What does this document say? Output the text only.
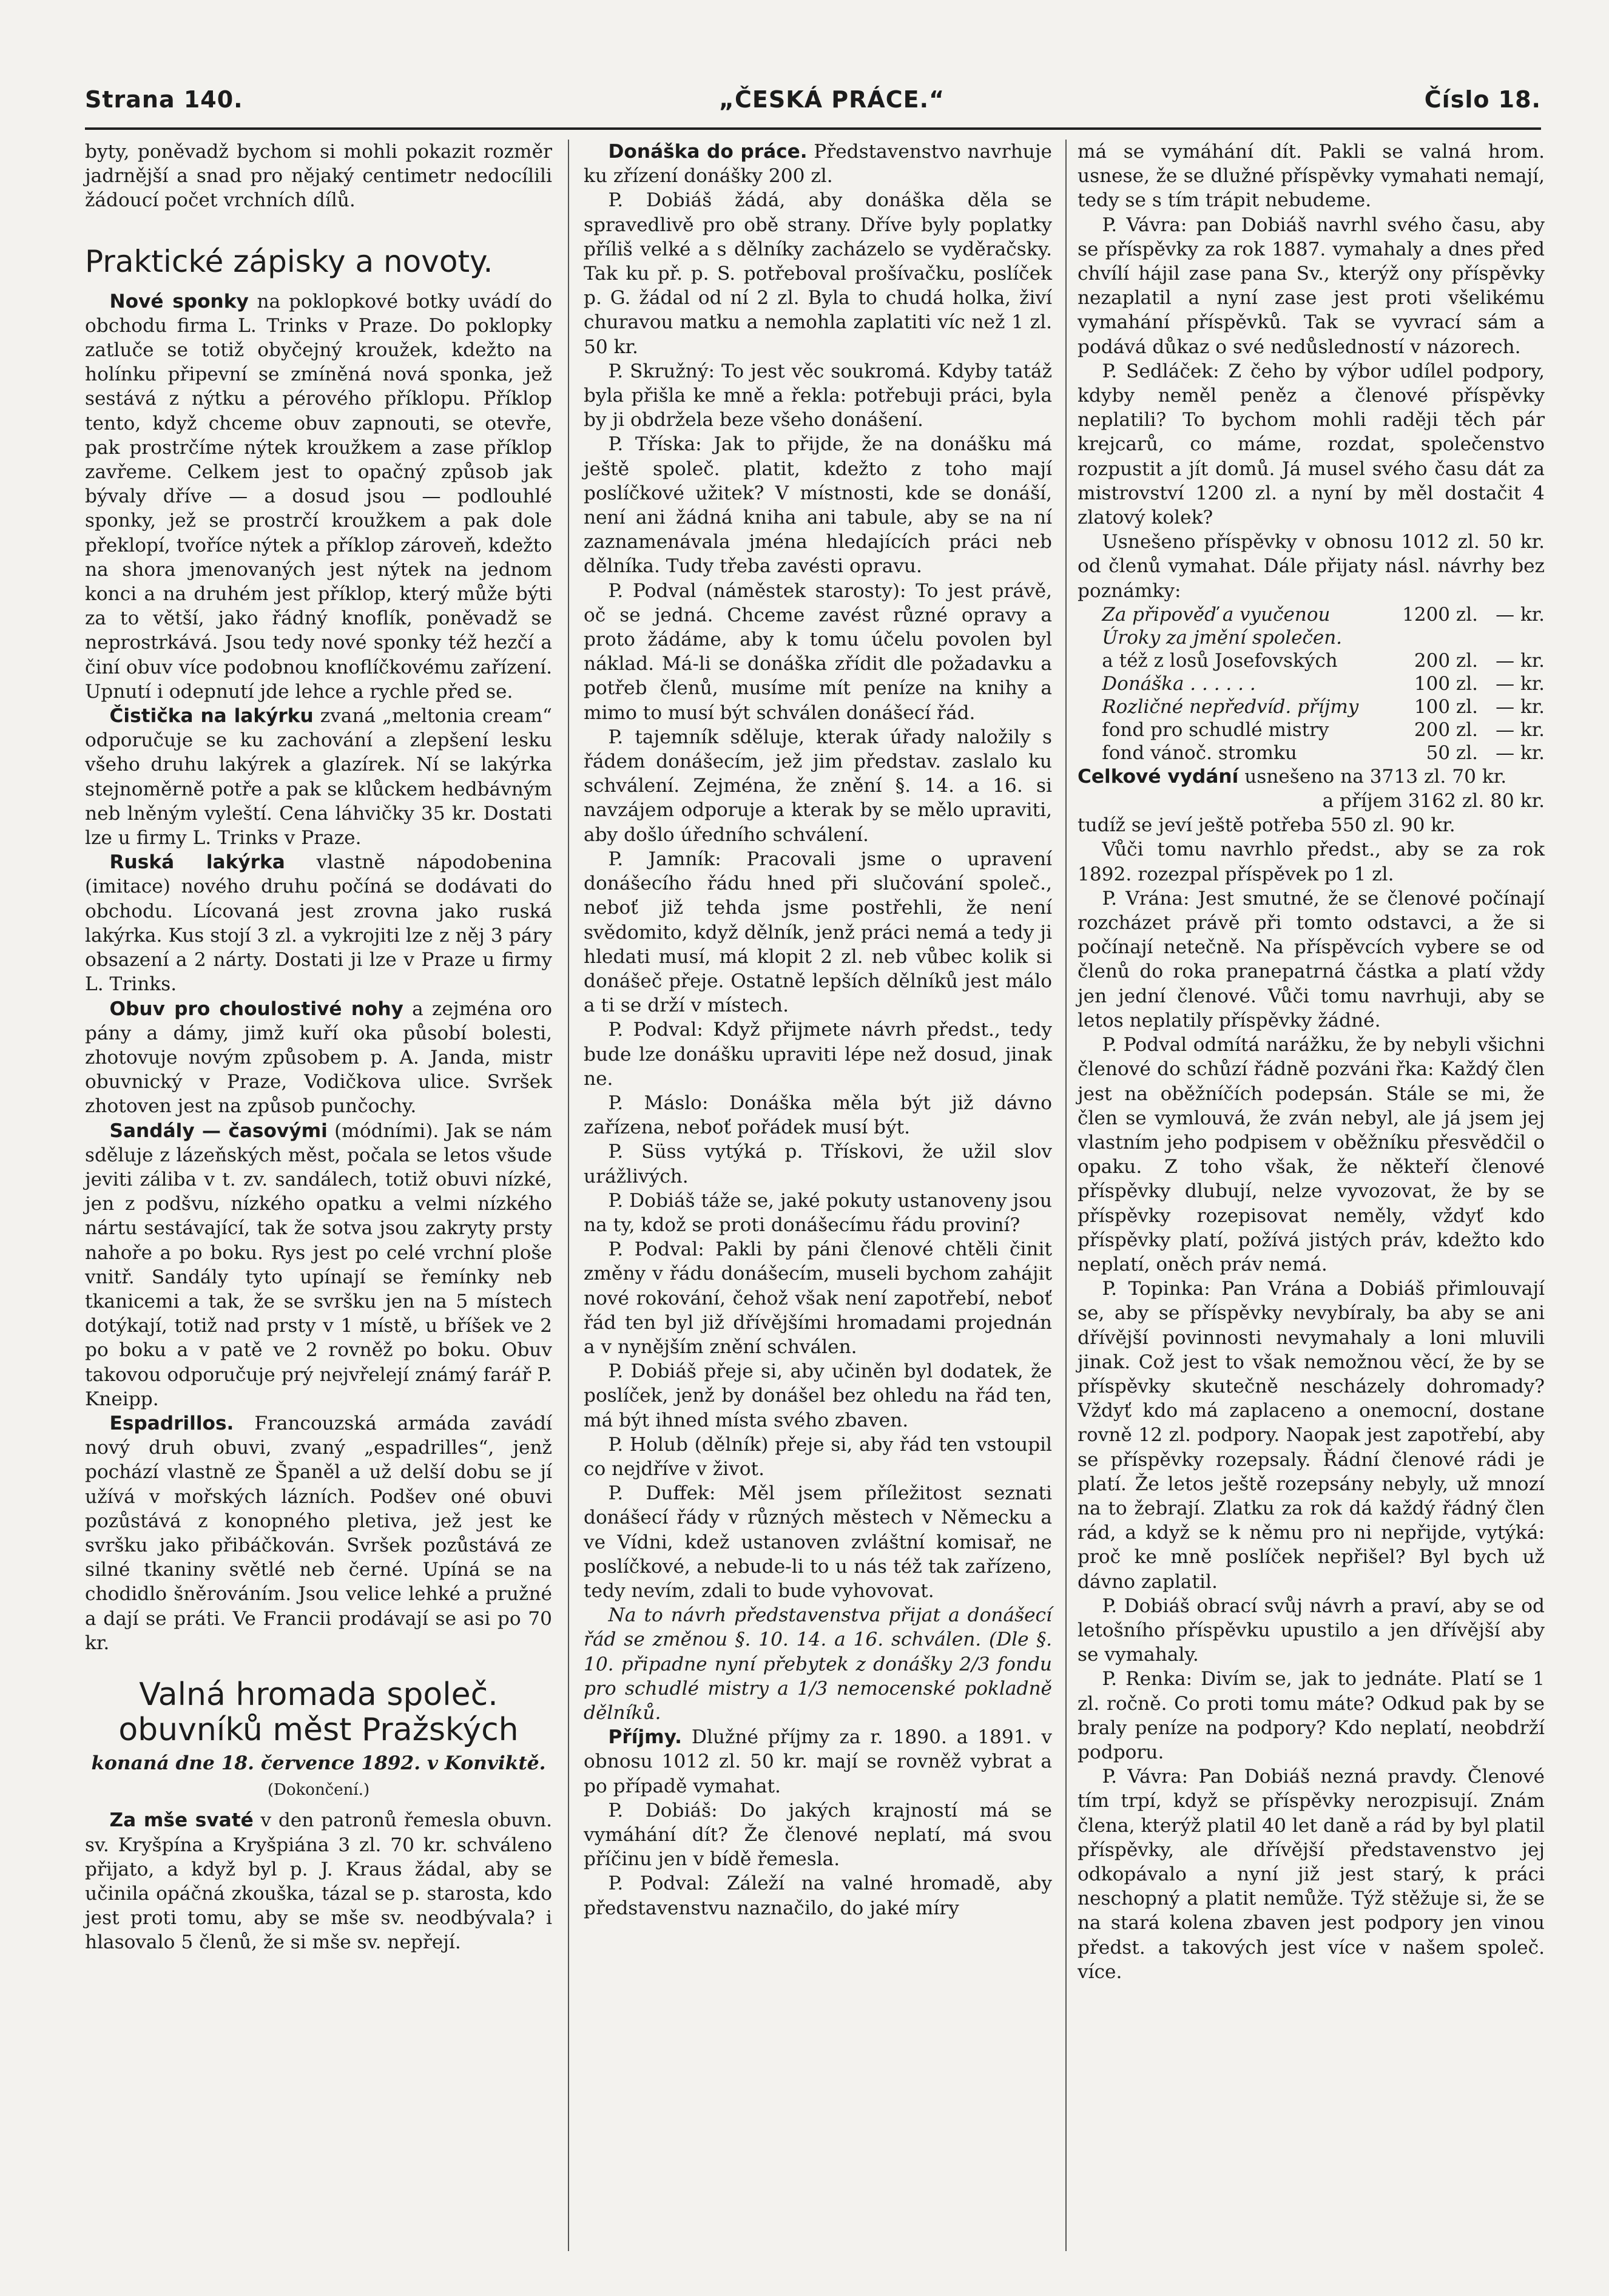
Strana 140.	„ČESKÁ PRÁCE.“	Číslo 18.

byty, poněvadž bychom si mohli pokazit rozměr jadrnější a snad pro nějaký centimetr nedocílili žádoucí počet vrchních dílů.

Praktické zápisky a novoty.

Nové sponky na poklopkové botky uvádí do obchodu firma L. Trinks v Praze. Do poklopky zatluče se totiž obyčejný kroužek, kdežto na holínku připevní se zmíněná nová sponka, jež sestává z nýtku a pérového příklopu. Příklop tento, když chceme obuv zapnouti, se otevře, pak prostrčíme nýtek kroužkem a zase příklop zavřeme. Celkem jest to opačný způsob jak bývaly dříve — a dosud jsou — podlouhlé sponky, jež se prostrčí kroužkem a pak dole překlopí, tvoříce nýtek a příklop zároveň, kdežto na shora jmenovaných jest nýtek na jednom konci a na druhém jest příklop, který může býti za to větší, jako řádný knoflík, poněvadž se neprostrkává. Jsou tedy nové sponky též hezčí a činí obuv více podobnou knoflíčkovému zařízení. Upnutí i odepnutí jde lehce a rychle před se.

Čistička na lakýrku zvaná „meltonia cream“ odporučuje se ku zachování a zlepšení lesku všeho druhu lakýrek a glazírek. Ní se lakýrka stejnoměrně potře a pak se klůckem hedbávným neb lněným vyleští. Cena láhvičky 35 kr. Dostati lze u firmy L. Trinks v Praze.

Ruská lakýrka vlastně nápodobenina (imitace) nového druhu počíná se dodávati do obchodu. Lícovaná jest zrovna jako ruská lakýrka. Kus stojí 3 zl. a vykrojiti lze z něj 3 páry obsazení a 2 nárty. Dostati ji lze v Praze u firmy L. Trinks.

Obuv pro choulostivé nohy a zejména oro pány a dámy, jimž kuří oka působí bolesti, zhotovuje novým způsobem p. A. Janda, mistr obuvnický v Praze, Vodičkova ulice. Svršek zhotoven jest na způsob punčochy.

Sandály — časovými (módními). Jak se nám sděluje z lázeňských měst, počala se letos všude jeviti záliba v t. zv. sandálech, totiž obuvi nízké, jen z podšvu, nízkého opatku a velmi nízkého nártu sestávající, tak že sotva jsou zakryty prsty nahoře a po boku. Rys jest po celé vrchní ploše vnitř. Sandály tyto upínají se řemínky neb tkanicemi a tak, že se svršku jen na 5 místech dotýkají, totiž nad prsty v 1 místě, u bříšek ve 2 po boku a v patě ve 2 rovněž po boku. Obuv takovou odporučuje prý nejvřelejí známý farář P. Kneipp.

Espadrillos. Francouzská armáda zavádí nový druh obuvi, zvaný „espadrilles“, jenž pochází vlastně ze Španěl a už delší dobu se jí užívá v mořských lázních. Podšev oné obuvi pozůstává z konopného pletiva, jež jest ke svršku jako přibáčkován. Svršek pozůstává ze silné tkaniny světlé neb černé. Upíná se na chodidlo šněrováním. Jsou velice lehké a pružné a dají se práti. Ve Francii prodávají se asi po 70 kr.

Valná hromada společ. obuvníků měst Pražských
konaná dne 18. července 1892. v Konviktě.
(Dokončení.)

Za mše svaté v den patronů řemesla obuvn. sv. Kryšpína a Kryšpiána 3 zl. 70 kr. schváleno přijato, a když byl p. J. Kraus žádal, aby se učinila opáčná zkouška, tázal se p. starosta, kdo jest proti tomu, aby se mše sv. neodbývala? i hlasovalo 5 členů, že si mše sv. nepřejí.

Donáška do práce. Představenstvo navrhuje ku zřízení donášky 200 zl.

P. Dobiáš žádá, aby donáška děla se spravedlivě pro obě strany. Dříve byly poplatky příliš velké a s dělníky zacházelo se vyděračsky. Tak ku př. p. S. potřeboval prošívačku, poslíček p. G. žádal od ní 2 zl. Byla to chudá holka, živí churavou matku a nemohla zaplatiti víc než 1 zl. 50 kr.

P. Skružný: To jest věc soukromá. Kdyby tatáž byla přišla ke mně a řekla: potřebuji práci, byla by ji obdržela beze všeho donášení.

P. Tříska: Jak to přijde, že na donášku má ještě společ. platit, kdežto z toho mají poslíčkové užitek? V místnosti, kde se donáší, není ani žádná kniha ani tabule, aby se na ní zaznamenávala jména hledajících práci neb dělníka. Tudy třeba zavésti opravu.

P. Podval (náměstek starosty): To jest právě, oč se jedná. Chceme zavést různé opravy a proto žádáme, aby k tomu účelu povolen byl náklad. Má-li se donáška zřídit dle požadavku a potřeb členů, musíme mít peníze na knihy a mimo to musí být schválen donášecí řád.

P. tajemník sděluje, kterak úřady naložily s řádem donášecím, jež jim představ. zaslalo ku schválení. Zejména, že znění §. 14. a 16. si navzájem odporuje a kterak by se mělo upraviti, aby došlo úředního schválení.

P. Jamník: Pracovali jsme o upravení donášecího řádu hned při slučování společ., neboť již tehda jsme postřehli, že není svědomito, když dělník, jenž práci nemá a tedy ji hledati musí, má klopit 2 zl. neb vůbec kolik si donášeč přeje. Ostatně lepších dělníků jest málo a ti se drží v místech.

P. Podval: Když přijmete návrh předst., tedy bude lze donášku upraviti lépe než dosud, jinak ne.

P. Máslo: Donáška měla být již dávno zařízena, neboť pořádek musí být.

P. Süss vytýká p. Třískovi, že užil slov urážlivých.

P. Dobiáš táže se, jaké pokuty ustanoveny jsou na ty, kdož se proti donášecímu řádu proviní?

P. Podval: Pakli by páni členové chtěli činit změny v řádu donášecím, museli bychom zahájit nové rokování, čehož však není zapotřebí, neboť řád ten byl již dřívějšími hromadami projednán a v nynějším znění schválen.

P. Dobiáš přeje si, aby učiněn byl dodatek, že poslíček, jenž by donášel bez ohledu na řád ten, má být ihned místa svého zbaven.

P. Holub (dělník) přeje si, aby řád ten vstoupil co nejdříve v život.

P. Duffek: Měl jsem příležitost seznati donášecí řády v různých městech v Německu a ve Vídni, kdež ustanoven zvláštní komisař, ne poslíčkové, a nebude-li to u nás též tak zařízeno, tedy nevím, zdali to bude vyhovovat.

Na to návrh představenstva přijat a donášecí řád se změnou §. 10. 14. a 16. schválen. (Dle §. 10. připadne nyní přebytek z donášky 2/3 fondu pro schudlé mistry a 1/3 nemocenské pokladně dělníků.

Příjmy. Dlužné příjmy za r. 1890. a 1891. v obnosu 1012 zl. 50 kr. mají se rovněž vybrat a po případě vymahat.

P. Dobiáš: Do jakých krajností má se vymáhání dít? Že členové neplatí, má svou příčinu jen v bídě řemesla.

P. Podval: Záleží na valné hromadě, aby představenstvu naznačilo, do jaké míry

má se vymáhání dít. Pakli se valná hrom. usnese, že se dlužné příspěvky vymahati nemají, tedy se s tím trápit nebudeme.

P. Vávra: pan Dobiáš navrhl svého času, aby se příspěvky za rok 1887. vymahaly a dnes před chvílí hájil zase pana Sv., kterýž ony příspěvky nezaplatil a nyní zase jest proti všelikému vymahání příspěvků. Tak se vyvrací sám a podává důkaz o své nedůsledností v názorech.

P. Sedláček: Z čeho by výbor udílel podpory, kdyby neměl peněz a členové příspěvky neplatili? To bychom mohli raději těch pár krejcarů, co máme, rozdat, společenstvo rozpustit a jít domů. Já musel svého času dát za mistrovství 1200 zl. a nyní by měl dostačit 4 zlatový kolek?

Usnešeno příspěvky v obnosu 1012 zl. 50 kr. od členů vymahat. Dále přijaty násl. návrhy bez poznámky:

Za připověď a vyučenou	1200 zl.	— kr.
Úroky za jmění společen.		
a též z losů Josefovských	200 zl.	— kr.
Donáška . . . . . .	100 zl.	— kr.
Rozličné nepředvíd. příjmy	100 zl.	— kr.
fond pro schudlé mistry	200 zl.	— kr.
fond vánoč. stromku	50 zl.	— kr.

Celkové vydání usnešeno na 3713 zl. 70 kr.

a příjem 3162 zl. 80 kr.

tudíž se jeví ještě potřeba 550 zl. 90 kr.

Vůči tomu navrhlo předst., aby se za rok 1892. rozezpal příspěvek po 1 zl.

P. Vrána: Jest smutné, že se členové počínají rozcházet právě při tomto odstavci, a že si počínají netečně. Na příspěvcích vybere se od členů do roka pranepatrná částka a platí vždy jen jední členové. Vůči tomu navrhuji, aby se letos neplatily příspěvky žádné.

P. Podval odmítá narážku, že by nebyli všichni členové do schůzí řádně pozváni řka: Každý člen jest na oběžníčích podepsán. Stále se mi, že člen se vymlouvá, že zván nebyl, ale já jsem jej vlastním jeho podpisem v oběžníku přesvědčil o opaku. Z toho však, že někteří členové příspěvky dlubují, nelze vyvozovat, že by se příspěvky rozepisovat neměly, vždyť kdo příspěvky platí, požívá jistých práv, kdežto kdo neplatí, oněch práv nemá.

P. Topinka: Pan Vrána a Dobiáš přimlouvají se, aby se příspěvky nevybíraly, ba aby se ani dřívější povinnosti nevymahaly a loni mluvili jinak. Což jest to však nemožnou věcí, že by se příspěvky skutečně nescházely dohromady? Vždyť kdo má zaplaceno a onemocní, dostane rovně 12 zl. podpory. Naopak jest zapotřebí, aby se příspěvky rozepsaly. Řádní členové rádi je platí. Že letos ještě rozepsány nebyly, už mnozí na to žebrají. Zlatku za rok dá každý řádný člen rád, a když se k němu pro ni nepřijde, vytýká: proč ke mně poslíček nepřišel? Byl bych už dávno zaplatil.

P. Dobiáš obrací svůj návrh a praví, aby se od letošního příspěvku upustilo a jen dřívější aby se vymahaly.

P. Renka: Divím se, jak to jednáte. Platí se 1 zl. ročně. Co proti tomu máte? Odkud pak by se braly peníze na podpory? Kdo neplatí, neobdrží podporu.

P. Vávra: Pan Dobiáš nezná pravdy. Členové tím trpí, když se příspěvky nerozpisují. Znám člena, kterýž platil 40 let daně a rád by byl platil příspěvky, ale dřívější představenstvo jej odkopávalo a nyní již jest starý, k práci neschopný a platit nemůže. Týž stěžuje si, že se na stará kolena zbaven jest podpory jen vinou předst. a takových jest více v našem společ. více.
